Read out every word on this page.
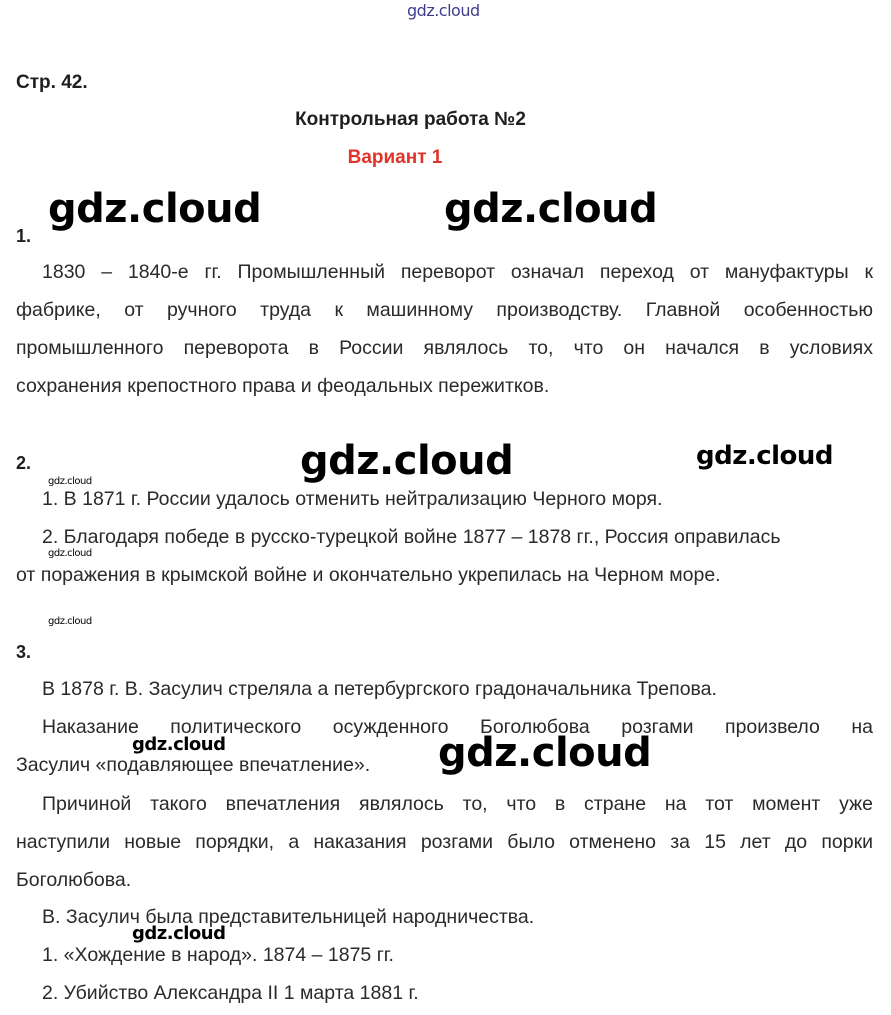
gdz.cloud
Стр. 42.
Контрольная работа №2
Вариант 1
1.
gdz.cloud	gdz.cloud
1830 – 1840-е гг. Промышленный переворот означал переход от мануфактуры к
фабрике, от ручного труда к машинному производству. Главной особенностью
промышленного переворота в России являлось то, что он начался в условиях
сохранения крепостного права и феодальных пережитков.
2.	gdz.cloud	gdz.cloud
gdz.cloud
1. В 1871 г. России удалось отменить нейтрализацию Черного моря.
2. Благодаря победе в русско-турецкой войне 1877 – 1878 гг., Россия оправилась
gdz.cloud
от поражения в крымской войне и окончательно укрепилась на Черном море.
gdz.cloud
3.
В 1878 г. В. Засулич стреляла а петербургского градоначальника Трепова.
Наказание политического осужденного Боголюбова розгами произвело на
Засулич «подавляющее впечатление».
gdz.cloud	gdz.cloud
Причиной такого впечатления являлось то, что в стране на тот момент уже
наступили новые порядки, а наказания розгами было отменено за 15 лет до порки
Боголюбова.
В. Засулич была представительницей народничества.
gdz.cloud
1. «Хождение в народ». 1874 – 1875 гг.
2. Убийство Александра II 1 марта 1881 г.
